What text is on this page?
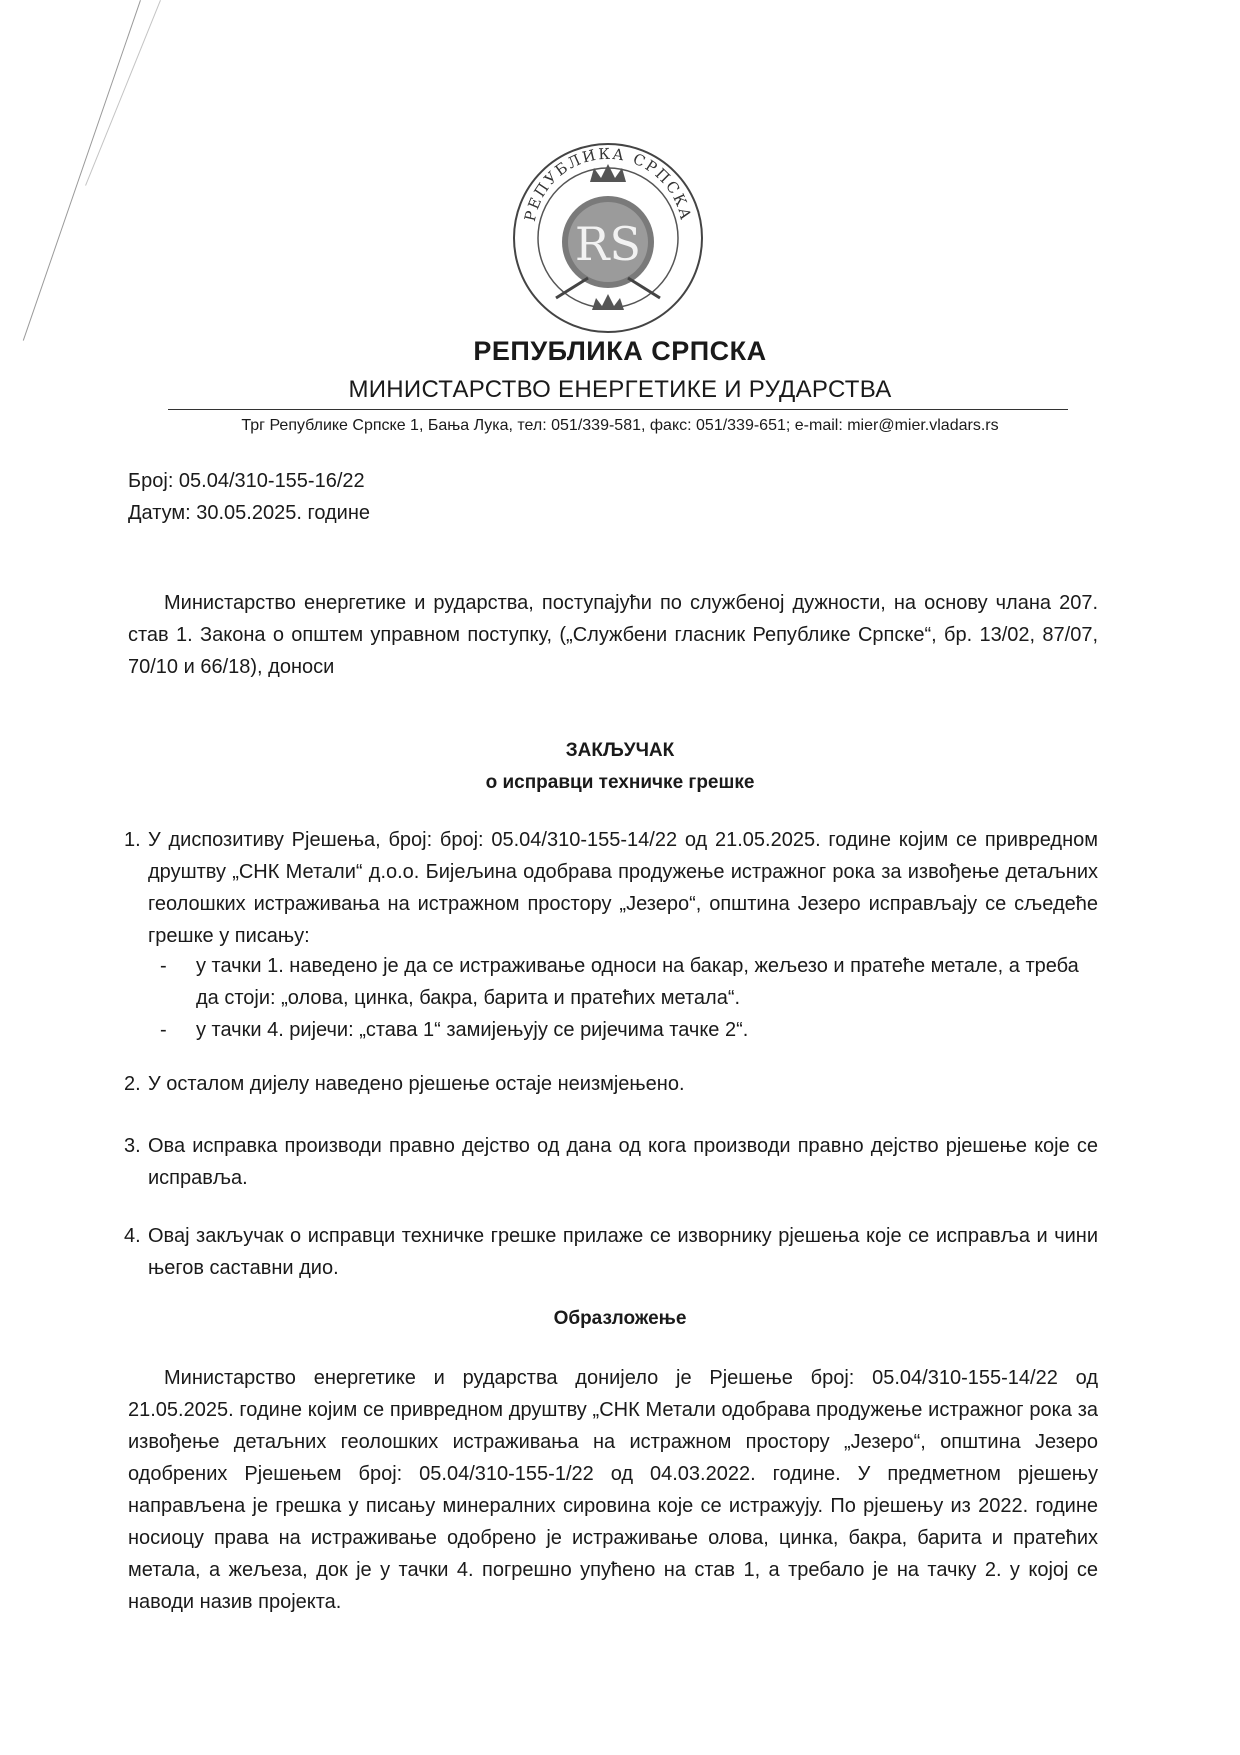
РЕПУБЛИКА СРПСКА
RS
РЕПУБЛИКА СРПСКА
МИНИСТАРСТВО ЕНЕРГЕТИКЕ И РУДАРСТВА
Трг Републике Српске 1, Бања Лука, тел: 051/339-581, факс: 051/339-651; e-mail: mier@mier.vladars.rs
Број: 05.04/310-155-16/22
Датум: 30.05.2025. године

Министарство енергетике и рударства, поступајући по службеној дужности, на основу члана 207. став 1. Закона о општем управном поступку, („Службени гласник Републике Српске“, бр. 13/02, 87/07, 70/10 и 66/18), доноси

ЗАКЉУЧАК
о исправци техничке грешке
1. У диспозитиву Рјешења, број: број: 05.04/310-155-14/22 од 21.05.2025. године којим се привредном друштву „СНК Метали“ д.о.о. Бијељина одобрава продужење истражног рока за извођење детаљних геолошких истраживања на истражном простору „Језеро“, општина Језеро исправљају се сљедеће грешке у писању:
-	у тачки 1. наведено је да се истраживање односи на бакар, жељезо и пратеће метале, а треба да стоји: „олова, цинка, бакра, барита и пратећих метала“.
-	у тачки 4. ријечи: „става 1“ замијењују се ријечима тачке 2“.
2. У осталом дијелу наведено рјешење остаје неизмјењено.
3. Ова исправка производи правно дејство од дана од кога производи правно дејство рјешење које се исправља.
4. Овај закључак о исправци техничке грешке прилаже се изворнику рјешења које се исправља и чини његов саставни дио.
Образложење

Министарство енергетике и рударства донијело је Рјешење број: 05.04/310-155-14/22 од 21.05.2025. године којим се привредном друштву „СНК Метали одобрава продужење истражног рока за извођење детаљних геолошких истраживања на истражном простору „Језеро“, општина Језеро одобрених Рјешењем број: 05.04/310-155-1/22 од 04.03.2022. године. У предметном рјешењу направљена је грешка у писању минералних сировина које се истражују. По рјешењу из 2022. године носиоцу права на истраживање одобрено је истраживање олова, цинка, бакра, барита и пратећих метала, а жељеза, док је у тачки 4. погрешно упућено на став 1, а требало је на тачку 2. у којој се наводи назив пројекта.
